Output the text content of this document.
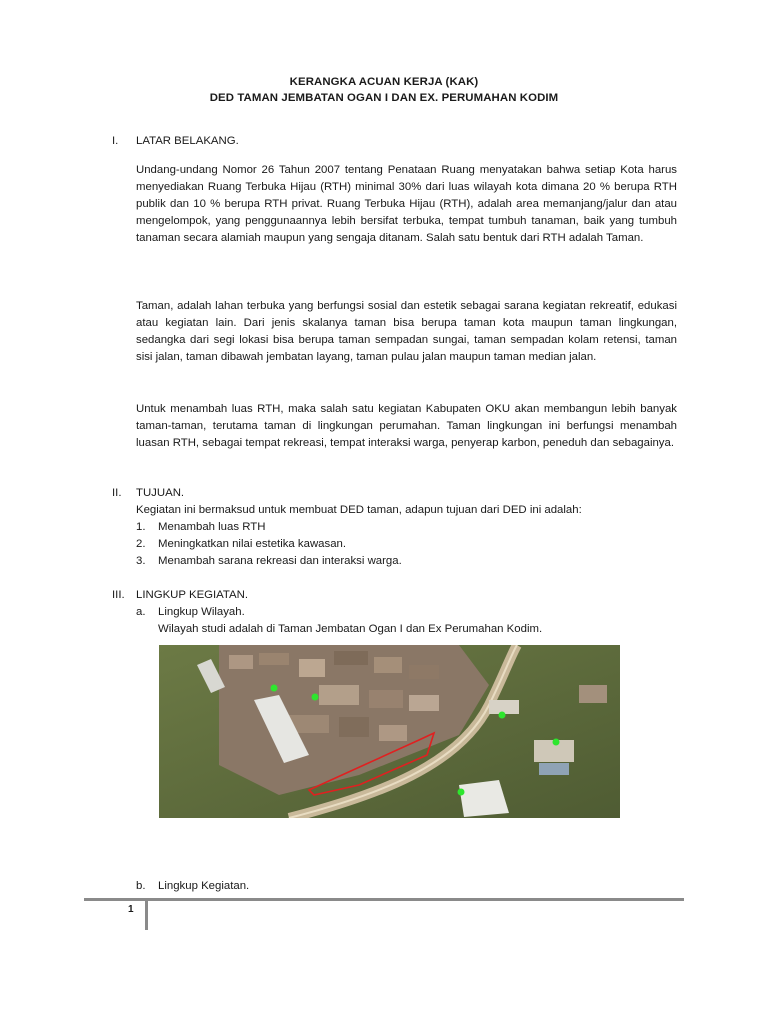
KERANGKA ACUAN KERJA (KAK)
DED TAMAN JEMBATAN OGAN I DAN EX. PERUMAHAN KODIM
I. LATAR BELAKANG.
Undang-undang Nomor 26 Tahun 2007 tentang Penataan Ruang menyatakan bahwa setiap Kota harus menyediakan Ruang Terbuka Hijau (RTH) minimal 30% dari luas wilayah kota dimana 20 % berupa RTH publik dan 10 % berupa RTH privat. Ruang Terbuka Hijau (RTH), adalah area memanjang/jalur dan atau mengelompok, yang penggunaannya lebih bersifat terbuka, tempat tumbuh tanaman, baik yang tumbuh tanaman secara alamiah maupun yang sengaja ditanam. Salah satu bentuk dari RTH adalah Taman.
Taman, adalah lahan terbuka yang berfungsi sosial dan estetik sebagai sarana kegiatan rekreatif, edukasi atau kegiatan lain. Dari jenis skalanya taman bisa berupa taman kota maupun taman lingkungan, sedangka dari segi lokasi bisa berupa taman sempadan sungai, taman sempadan kolam retensi, taman sisi jalan, taman dibawah jembatan layang, taman pulau jalan maupun taman median jalan.
Untuk menambah luas RTH, maka salah satu kegiatan Kabupaten OKU akan membangun lebih banyak taman-taman, terutama taman di lingkungan perumahan. Taman lingkungan ini berfungsi menambah luasan RTH, sebagai tempat rekreasi, tempat interaksi warga, penyerap karbon, peneduh dan sebagainya.
II. TUJUAN.
Kegiatan ini bermaksud untuk membuat DED taman, adapun tujuan dari DED ini adalah:
1. Menambah luas RTH
2. Meningkatkan nilai estetika kawasan.
3. Menambah sarana rekreasi dan interaksi warga.
III. LINGKUP KEGIATAN.
a. Lingkup Wilayah.
Wilayah studi adalah di Taman Jembatan Ogan I dan Ex Perumahan Kodim.
b. Lingkup Kegiatan.
1
